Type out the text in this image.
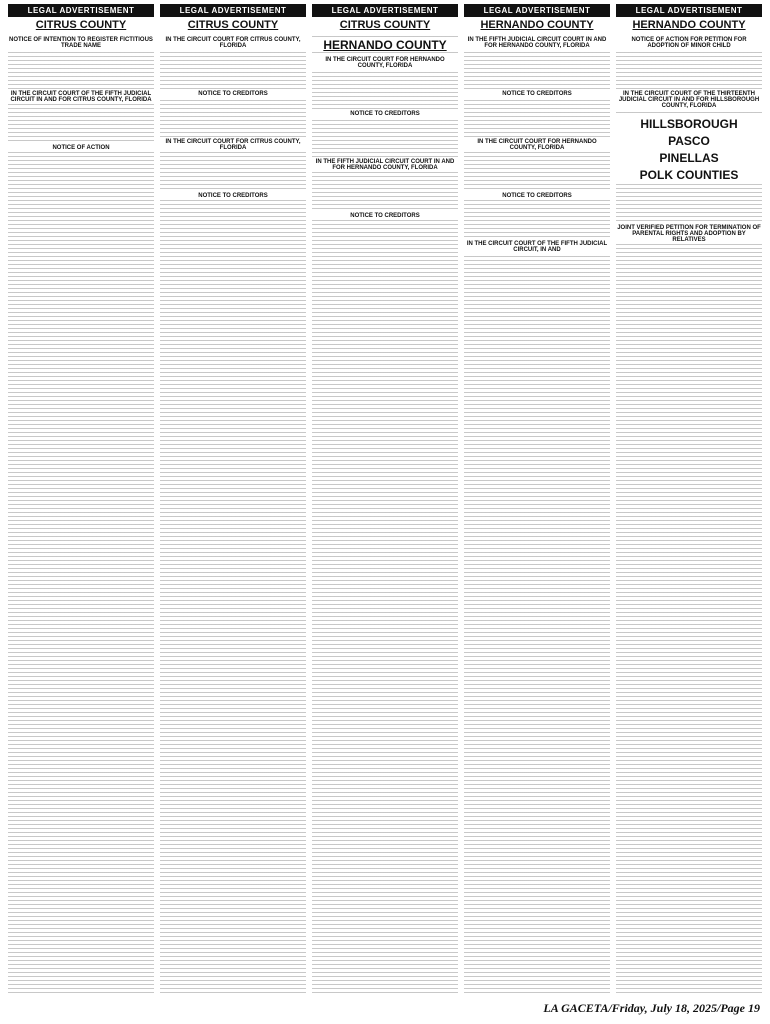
LEGAL ADVERTISEMENT
CITRUS COUNTY
NOTICE OF INTENTION TO REGISTER FICTITIOUS TRADE NAME
IN THE CIRCUIT COURT OF THE FIFTH JUDICIAL CIRCUIT IN AND FOR CITRUS COUNTY, FLORIDA
NOTICE OF ACTION
LEGAL ADVERTISEMENT
CITRUS COUNTY
IN THE CIRCUIT COURT FOR CITRUS COUNTY, FLORIDA
NOTICE TO CREDITORS
IN THE CIRCUIT COURT FOR CITRUS COUNTY, FLORIDA
NOTICE TO CREDITORS
LEGAL ADVERTISEMENT
CITRUS COUNTY
HERNANDO COUNTY
IN THE CIRCUIT COURT FOR HERNANDO COUNTY, FLORIDA
NOTICE TO CREDITORS
IN THE FIFTH JUDICIAL CIRCUIT COURT IN AND FOR HERNANDO COUNTY, FLORIDA
NOTICE TO CREDITORS
LEGAL ADVERTISEMENT
HERNANDO COUNTY
IN THE FIFTH JUDICIAL CIRCUIT COURT IN AND FOR HERNANDO COUNTY, FLORIDA
NOTICE TO CREDITORS
IN THE CIRCUIT COURT FOR HERNANDO COUNTY, FLORIDA
NOTICE TO CREDITORS
IN THE CIRCUIT COURT OF THE FIFTH JUDICIAL CIRCUIT, IN AND
LEGAL ADVERTISEMENT
HERNANDO COUNTY
NOTICE OF ACTION FOR PETITION FOR ADOPTION OF MINOR CHILD
IN THE CIRCUIT COURT OF THE THIRTEENTH JUDICIAL CIRCUIT IN AND FOR HILLSBOROUGH COUNTY, FLORIDA
HILLSBOROUGH
PASCO
PINELLAS
POLK COUNTIES
JOINT VERIFIED PETITION FOR TERMINATION OF PARENTAL RIGHTS AND ADOPTION BY RELATIVES
LA GACETA/Friday, July 18, 2025/Page 19
